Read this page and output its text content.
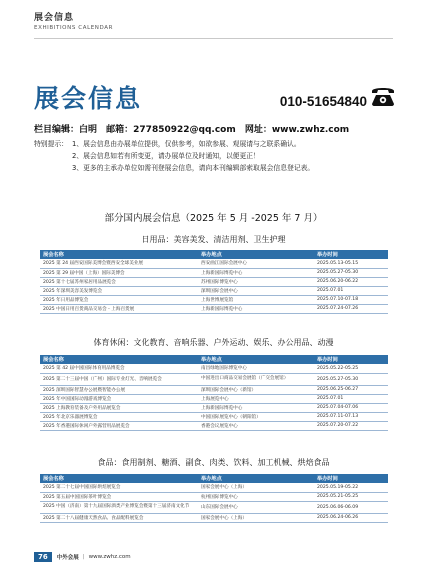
展会信息
EXHIBITIONS CALENDAR
展会信息	010-51654840
栏目编辑：白明 邮箱：277850922@qq.com 网址：www.zwhz.com
特别提示： 1、展会信息由办展单位提供，仅供参考，如欲参展、观展请与之联系确认。
2、展会信息如若有所变更，请办展单位及时通知，以便更正！
3、更多的主承办单位如需刊登展会信息，请向本刊编辑部索取展会信息登记表。
部分国内展会信息（2025 年 5 月 -2025 年 7 月）
日用品：美容美发、清洁用剂、卫生护理
展会名称	举办地点	举办时间
2025 第 24 届西安国际美博会暨西安全球美业展	西安曲江国际会展中心	2025.05.13-05.15
2025 第 29 届中国（上海）国际美博会	上海新国际博览中心	2025.05.27-05.30
2025 第十七届苏州家居用品展览会	苏州国际博览中心	2025.06.20-06.22
2025 年深圳美容美发博览会	深圳国际会展中心	2025.07.01
2025 年日用品博览会	上海世博展览馆	2025.07.10-07.18
2025 中国日用百货商品交易会 - 上海百货展	上海新国际博览中心	2025.07.24-07.26
体育休闲：文化教育、音响乐器、户外运动、娱乐、办公用品、动漫
展会名称	举办地点	举办时间
2025 第 42 届中国国际体育用品博览会	南昌绿地国际博览中心	2025.05.22-05.25
2025 第二十三届中国（广州）国际专业灯光、音响展览会	中国进出口商品交易会展馆（广交会展馆）	2025.05.27-05.30
2025 深圳国际智慧办公展暨智能办公展	深圳国际会展中心（新馆）	2025.06.25-06.27
2025 年中国国际动漫游戏博览会	上海展览中心	2025.07.01
2025 上海教育装备及户外用品展览会	上海新国际博览中心	2025.07.04-07.06
2025 年北京乐器展博览会	中国国际展览中心（朝阳馆）	2025.07.11-07.13
2025 年香港国际休闲户外露营用品展览会	香港会议展览中心	2025.07.20-07.22
食品：食用制剂、糖酒、副食、肉类、饮料、加工机械、烘焙食品
展会名称	举办地点	举办时间
2025 第二十七届中国国际烘焙展览会	国家会展中心（上海）	2025.05.19-05.22
2025 第五届中国国际茶叶博览会	杭州国际博览中心	2025.05.21-05.25
2025 中国（济南）第十九届国际酒类产业博览会暨第十三届济南文化节	山东国际会展中心	2025.06.06-06.09
2025 第二十八届健康天然食品、食品配料展览会	国家会展中心（上海）	2025.06.24-06.26
76	中外会展 | www.zwhz.com
